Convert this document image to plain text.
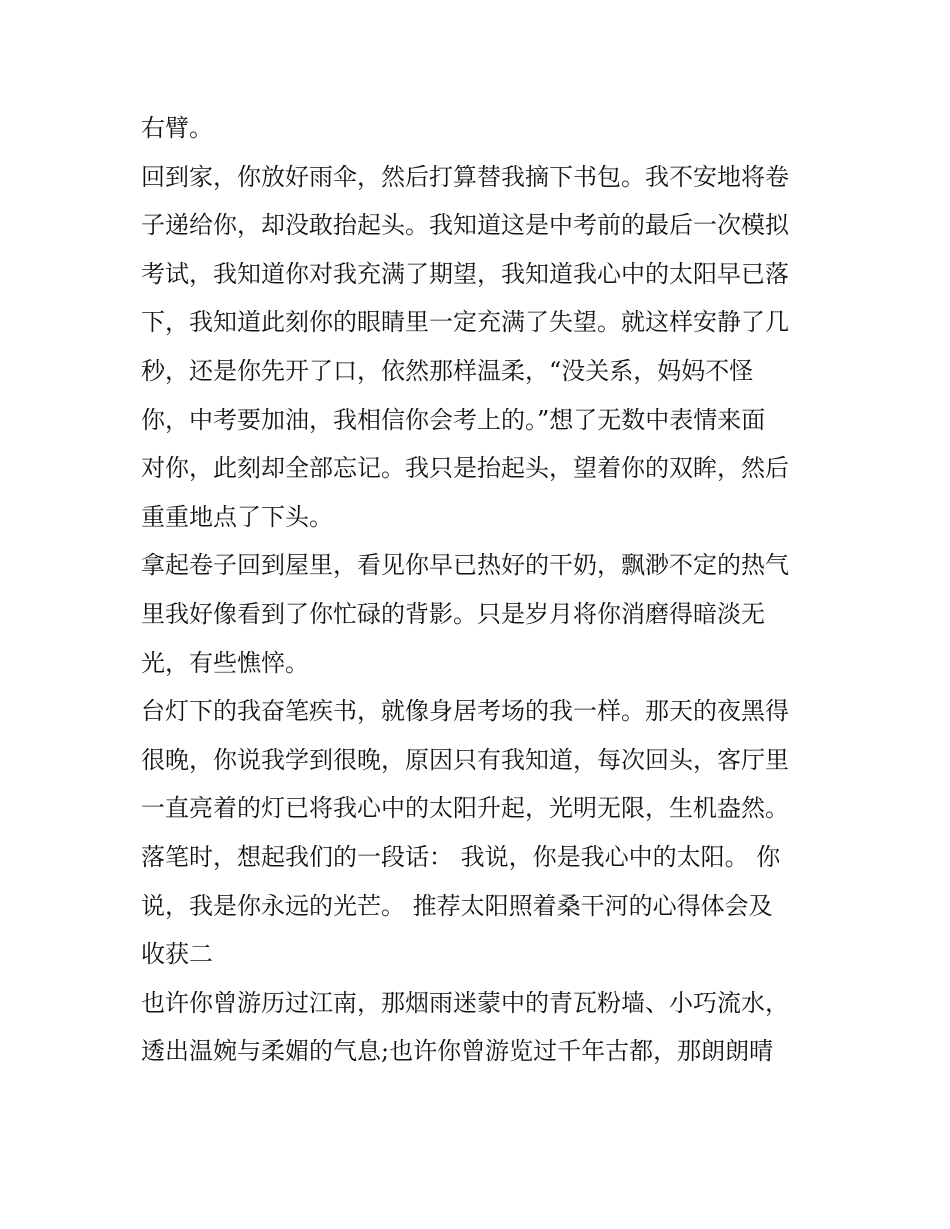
右臂。
回到家，你放好雨伞，然后打算替我摘下书包。我不安地将卷
子递给你，却没敢抬起头。我知道这是中考前的最后一次模拟
考试，我知道你对我充满了期望，我知道我心中的太阳早已落
下，我知道此刻你的眼睛里一定充满了失望。就这样安静了几
秒，还是你先开了口，依然那样温柔，“没关系，妈妈不怪
你，中考要加油，我相信你会考上的。”想了无数中表情来面
对你，此刻却全部忘记。我只是抬起头，望着你的双眸，然后
重重地点了下头。
拿起卷子回到屋里，看见你早已热好的干奶，飘渺不定的热气
里我好像看到了你忙碌的背影。只是岁月将你消磨得暗淡无
光，有些憔悴。
台灯下的我奋笔疾书，就像身居考场的我一样。那天的夜黑得
很晚，你说我学到很晚，原因只有我知道，每次回头，客厅里
一直亮着的灯已将我心中的太阳升起，光明无限，生机盎然。
落笔时，想起我们的一段话： 我说，你是我心中的太阳。 你
说，我是你永远的光芒。 推荐太阳照着桑干河的心得体会及
收获二
也许你曾游历过江南，那烟雨迷蒙中的青瓦粉墙、小巧流水，
透出温婉与柔媚的气息;也许你曾游览过千年古都，那朗朗晴
